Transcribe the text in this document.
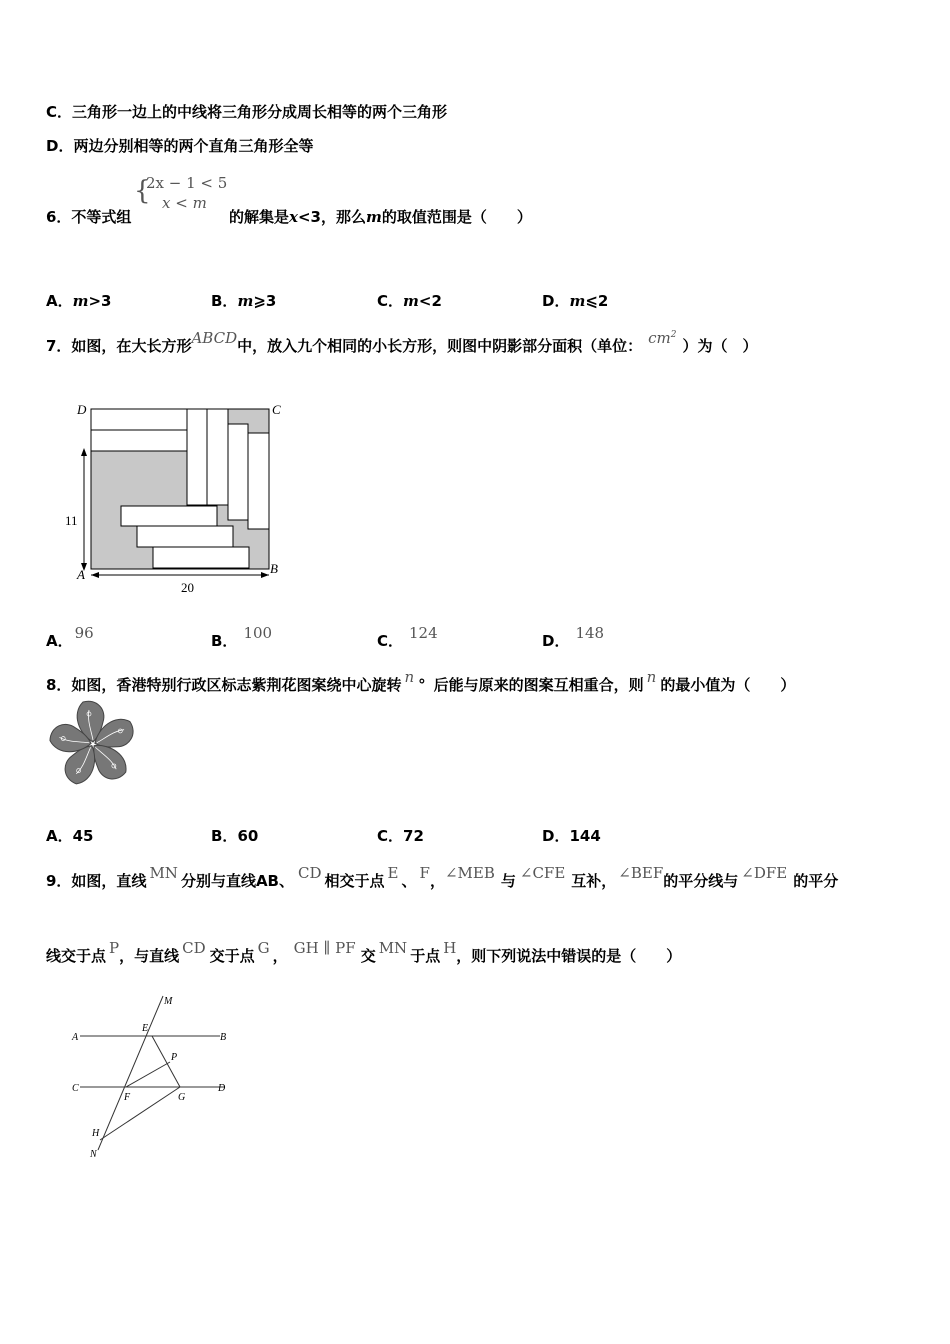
C．三角形一边上的中线将三角形分成周长相等的两个三角形
D．两边分别相等的两个直角三角形全等
6．不等式组
{
2x − 1 < 5
x < m
的解集是x<3，那么m的取值范围是（　　）
A．m>3	B．m⩾3	C．m<2	D．m⩽2
7．如图，在大长方形ABCD中，放入九个相同的小长方形，则图中阴影部分面积（单位： $cm^2$）为（　）
D	C
A	B
11
20
A． 96	B． 100	C． 124	D． 148
8．如图，香港特别行政区标志紫荆花图案绕中心旋转 n ° 后能与原来的图案互相重合，则 n 的最小值为（　　）
A．45	B．60	C．72	D．144
9．如图，直线 MN 分别与直线AB、 CD 相交于点 E 、 F，∠MEB 与 ∠CFE 互补， ∠BEF的平分线与 ∠DFE 的平分
线交于点 P，与直线 CD 交于点 G ， GH ∥ PF 交 MN 于点 H，则下列说法中错误的是（　　）
M
A
E
B
P
C
F	G
D
H
N
